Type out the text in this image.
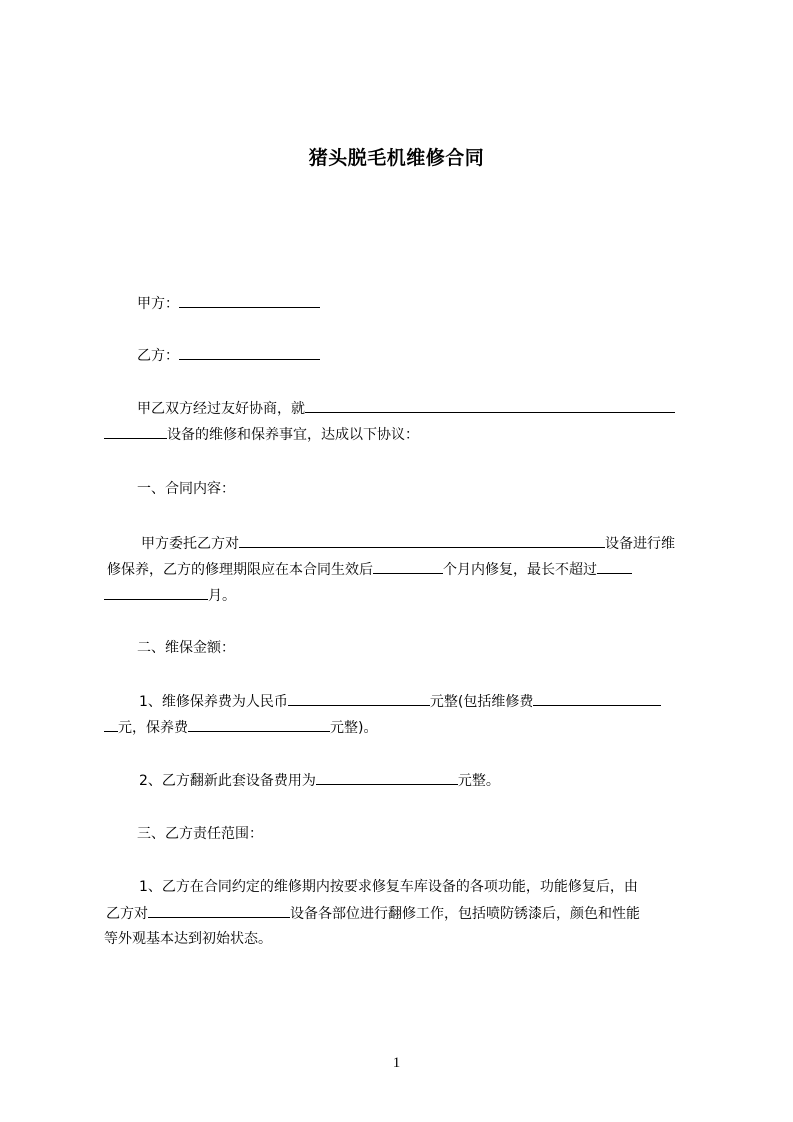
猪头脱毛机维修合同
甲方：
乙方：
甲乙双方经过友好协商，就
设备的维修和保养事宜，达成以下协议：
一、合同内容：
甲方委托乙方对	设备进行维
修保养，乙方的修理期限应在本合同生效后	个月内修复，最长不超过
月。
二、维保金额：
1、维修保养费为人民币	元整(包括维修费
元，保养费	元整)。
2、乙方翻新此套设备费用为	元整。
三、乙方责任范围：
1、乙方在合同约定的维修期内按要求修复车库设备的各项功能，功能修复后，由
乙方对	设备各部位进行翻修工作，包括喷防锈漆后，颜色和性能
等外观基本达到初始状态。
1
